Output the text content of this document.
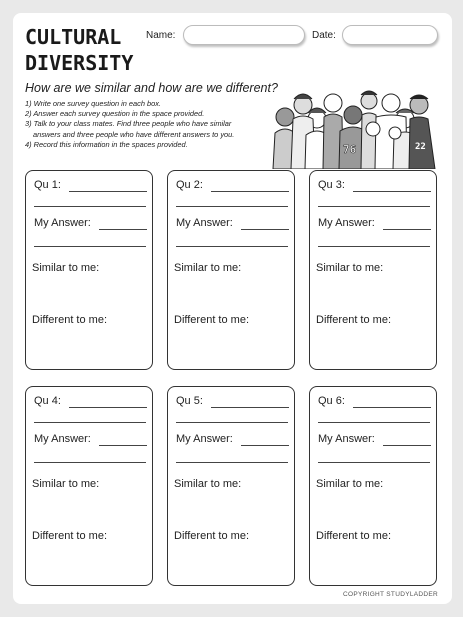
CULTURAL
DIVERSITY
Name:	Date:
How are we similar and how are we different?
1) Write one survey question in each box.
2) Answer each survey question in the space provided.
3) Talk to your class mates. Find three people who have similar
answers and three people who have different answers to you.
4) Record this information in the spaces provided.	76	22
Qu 1:
My Answer:
Similar to me:
Different to me:
Qu 2:
My Answer:
Similar to me:
Different to me:
Qu 3:
My Answer:
Similar to me:
Different to me:
Qu 4:
My Answer:
Similar to me:
Different to me:
Qu 5:
My Answer:
Similar to me:
Different to me:
Qu 6:
My Answer:
Similar to me:
Different to me:
COPYRIGHT STUDYLADDER
